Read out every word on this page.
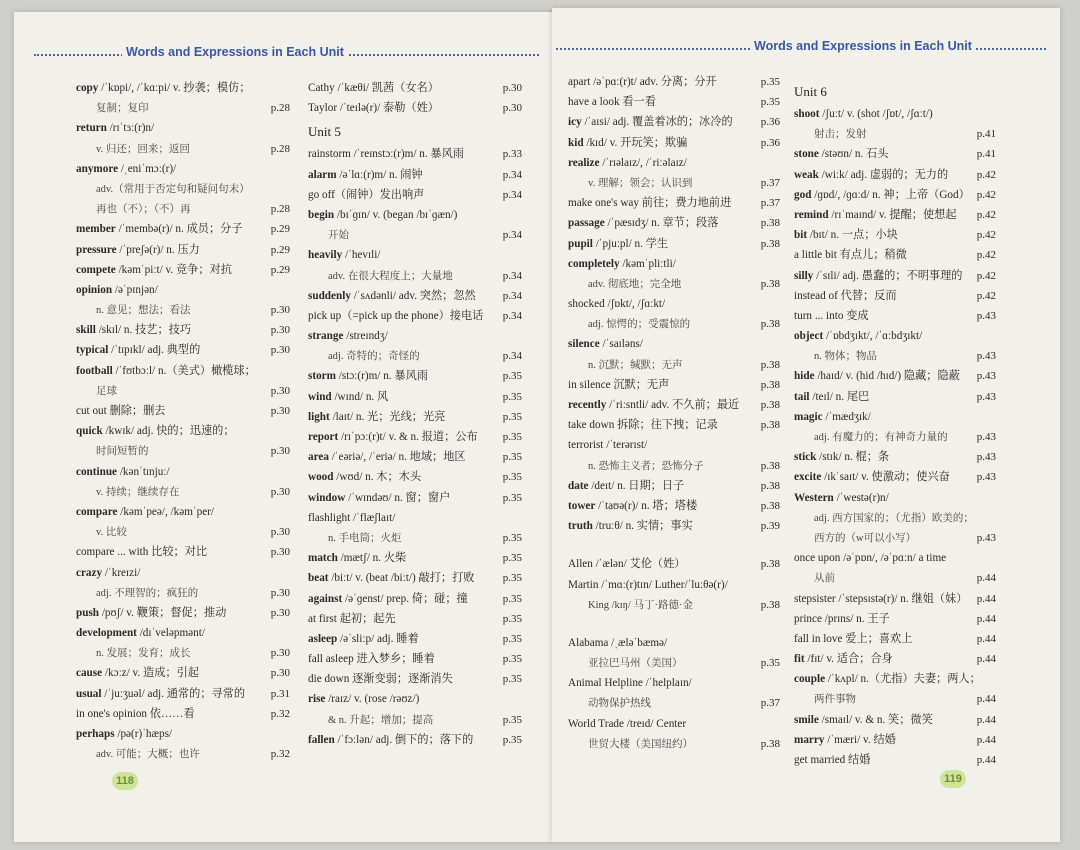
Words and Expressions in Each Unit
copy /ˈkɒpi/, /ˈkɑːpi/ v. 抄袭；模仿；
复制；复印	p.28
return /rɪˈtɜː(r)n/
v. 归还；回来；返回	p.28
anymore /ˌeniˈmɔː(r)/
adv.（常用于否定句和疑问句末）
再也（不）；（不）再	p.28
member /ˈmembə(r)/ n. 成员；分子	p.29
pressure /ˈpreʃə(r)/ n. 压力	p.29
compete /kəmˈpiːt/ v. 竞争；对抗	p.29
opinion /əˈpɪnjən/
n. 意见；想法；看法	p.30
skill /skɪl/ n. 技艺；技巧	p.30
typical /ˈtɪpɪkl/ adj. 典型的	p.30
football /ˈfʊtbɔːl/ n.（美式）橄榄球；
足球	p.30
cut out 删除；删去	p.30
quick /kwɪk/ adj. 快的；迅速的；
时间短暂的	p.30
continue /kənˈtɪnjuː/
v. 持续；继续存在	p.30
compare /kəmˈpeə/, /kəmˈper/
v. 比较	p.30
compare ... with 比较；对比	p.30
crazy /ˈkreɪzi/
adj. 不理智的；疯狂的	p.30
push /pʊʃ/ v. 鞭策；督促；推动	p.30
development /dɪˈveləpmənt/
n. 发展；发育；成长	p.30
cause /kɔːz/ v. 造成；引起	p.30
usual /ˈjuːʒuəl/ adj. 通常的；寻常的 p.31
in one's opinion 依……看	p.32
perhaps /pə(r)ˈhæps/
adv. 可能；大概；也许	p.32
Cathy /ˈkæθi/ 凯茜（女名）	p.30
Taylor /ˈteɪlə(r)/ 泰勒（姓）	p.30
Unit 5
rainstorm /ˈreɪnstɔː(r)m/ n. 暴风雨	p.33
alarm /əˈlɑː(r)m/ n. 闹钟	p.34
go off（闹钟）发出响声	p.34
begin /bɪˈɡɪn/ v. (began /bɪˈɡæn/)
开始	p.34
heavily /ˈhevɪli/
adv. 在很大程度上；大量地	p.34
suddenly /ˈsʌdənli/ adv. 突然；忽然 p.34
pick up（=pick up the phone）接电话 p.34
strange /streɪndʒ/
adj. 奇特的；奇怪的	p.34
storm /stɔː(r)m/ n. 暴风雨	p.35
wind /wɪnd/ n. 风	p.35
light /laɪt/ n. 光；光线；光亮	p.35
report /rɪˈpɔː(r)t/ v. & n. 报道；公布 p.35
area /ˈeəriə/, /ˈeriə/ n. 地域；地区	p.35
wood /wʊd/ n. 木；木头	p.35
window /ˈwɪndəʊ/ n. 窗；窗户	p.35
flashlight /ˈflæʃlaɪt/
n. 手电筒；火炬	p.35
match /mætʃ/ n. 火柴	p.35
beat /biːt/ v. (beat /biːt/) 敲打；打败	p.35
against /əˈɡenst/ prep. 倚；碰；撞	p.35
at first 起初；起先	p.35
asleep /əˈsliːp/ adj. 睡着	p.35
fall asleep 进入梦乡；睡着	p.35
die down 逐渐变弱；逐渐消失	p.35
rise /raɪz/ v. (rose /rəʊz/)
& n. 升起；增加；提高	p.35
fallen /ˈfɔːlən/ adj. 倒下的；落下的	p.35
118
Words and Expressions in Each Unit
apart /əˈpɑː(r)t/ adv. 分离；分开	p.35
have a look 看一看	p.35
icy /ˈaɪsi/ adj. 覆盖着冰的；冰冷的	p.36
kid /kɪd/ v. 开玩笑；欺骗	p.36
realize /ˈrɪəlaɪz/, /ˈriːəlaɪz/
v. 理解；领会；认识到	p.37
make one's way 前往；费力地前进	p.37
passage /ˈpæsɪdʒ/ n. 章节；段落	p.38
pupil /ˈpjuːpl/ n. 学生	p.38
completely /kəmˈpliːtli/
adv. 彻底地；完全地	p.38
shocked /ʃɒkt/, /ʃɑːkt/
adj. 惊愕的；受震惊的	p.38
silence /ˈsaɪləns/
n. 沉默；缄默；无声	p.38
in silence 沉默；无声	p.38
recently /ˈriːsntli/ adv. 不久前；最近 p.38
take down 拆除；往下拽；记录	p.38
terrorist /ˈterərɪst/
n. 恐怖主义者；恐怖分子	p.38
date /deɪt/ n. 日期；日子	p.38
tower /ˈtaʊə(r)/ n. 塔；塔楼	p.38
truth /truːθ/ n. 实情；事实	p.39
Allen /ˈælən/ 艾伦（姓）	p.38
Martin /ˈmɑː(r)tɪn/ Luther/ˈluːθə(r)/
King /kɪŋ/ 马丁·路德·金	p.38
Alabama /ˌæləˈbæmə/
亚拉巴马州（美国）	p.35
Animal Helpline /ˈhelplaɪn/
动物保护热线	p.37
World Trade /treɪd/ Center
世贸大楼（美国纽约）	p.38
Unit 6
shoot /ʃuːt/ v. (shot /ʃɒt/, /ʃɑːt/)
射击；发射	p.41
stone /stəʊn/ n. 石头	p.41
weak /wiːk/ adj. 虚弱的；无力的	p.42
god /ɡɒd/, /ɡɑːd/ n. 神；上帝（God） p.42
remind /rɪˈmaɪnd/ v. 提醒；使想起 p.42
bit /bɪt/ n. 一点；小块	p.42
a little bit 有点儿；稍微	p.42
silly /ˈsɪli/ adj. 愚蠢的；不明事理的 p.42
instead of 代替；反而	p.42
turn ... into 变成	p.43
object /ˈɒbdʒɪkt/, /ˈɑːbdʒɪkt/
n. 物体；物品	p.43
hide /haɪd/ v. (hid /hɪd/) 隐藏；隐蔽 p.43
tail /teɪl/ n. 尾巴	p.43
magic /ˈmædʒɪk/
adj. 有魔力的；有神奇力量的	p.43
stick /stɪk/ n. 棍；条	p.43
excite /ɪkˈsaɪt/ v. 使激动；使兴奋 p.43
Western /ˈwestə(r)n/
adj. 西方国家的；（尤指）欧美的；
西方的（w可以小写）	p.43
once upon /əˈpɒn/, /əˈpɑːn/ a time
从前	p.44
stepsister /ˈstepsɪstə(r)/ n. 继姐（妹） p.44
prince /prɪns/ n. 王子	p.44
fall in love 爱上；喜欢上	p.44
fit /fɪt/ v. 适合；合身	p.44
couple /ˈkʌpl/ n.（尤指）夫妻；两人；
两件事物	p.44
smile /smaɪl/ v. & n. 笑；微笑	p.44
marry /ˈmæri/ v. 结婚	p.44
get married 结婚	p.44
119
